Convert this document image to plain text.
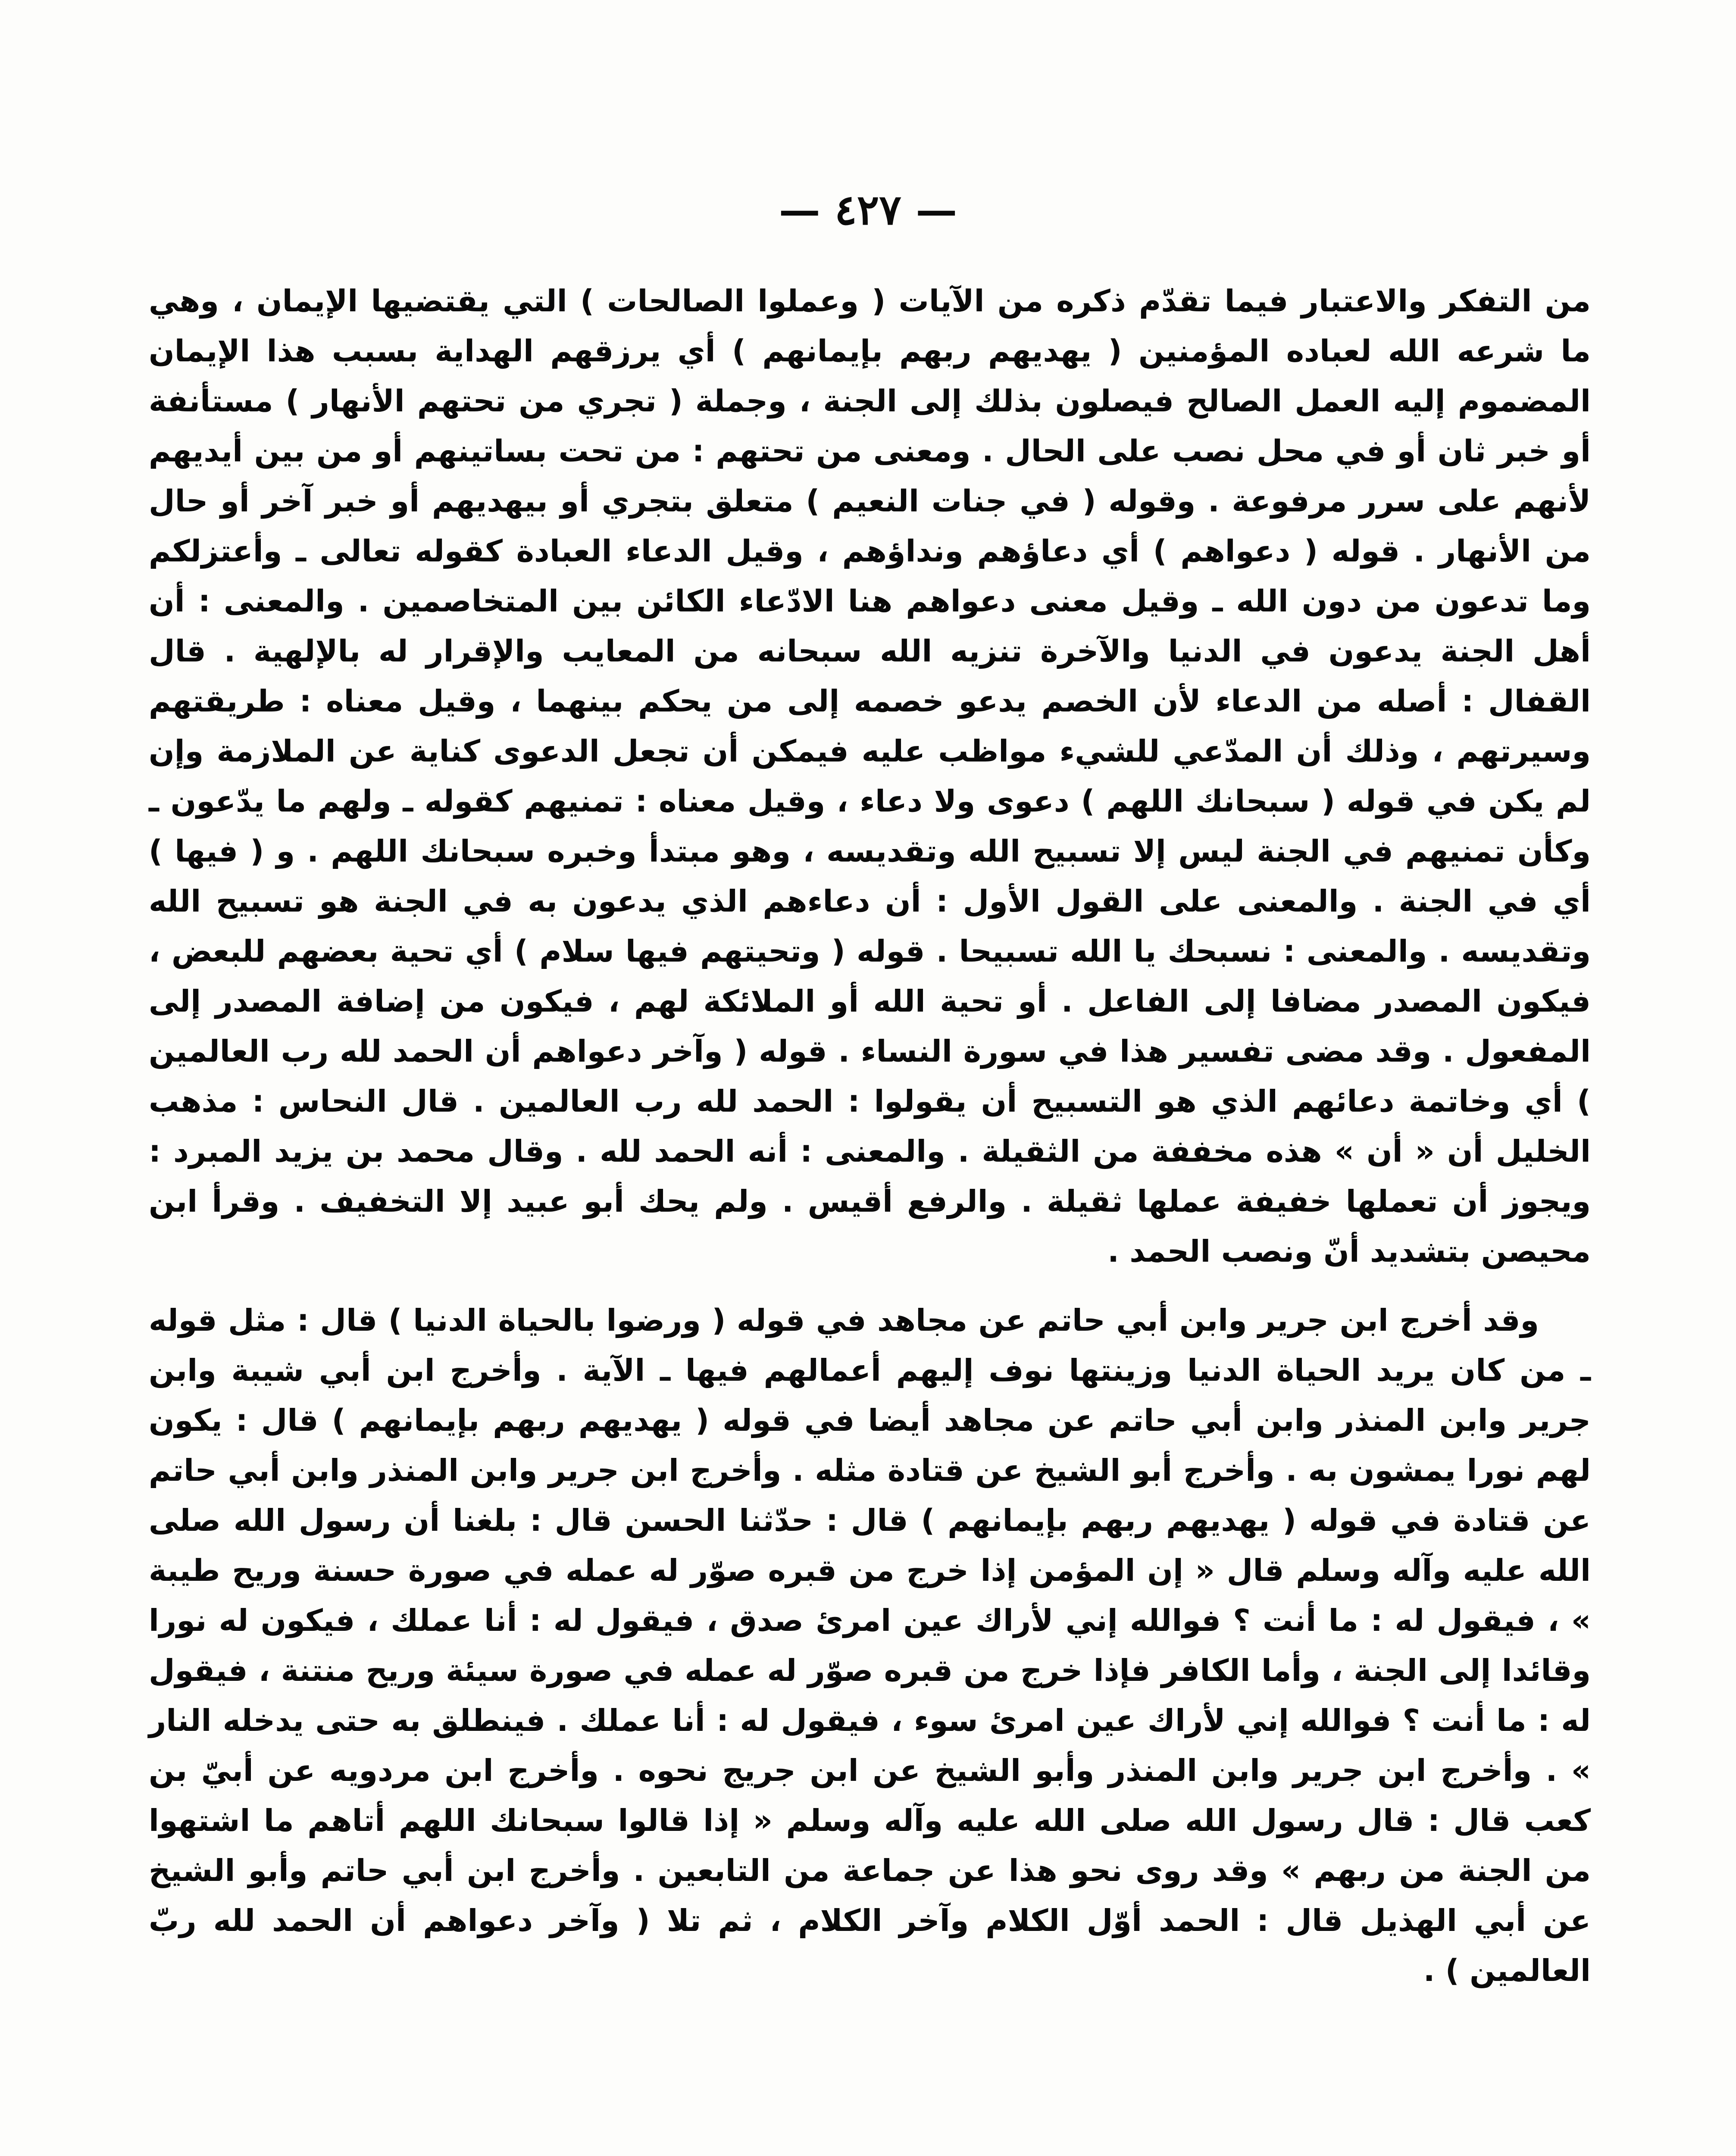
— ٤٢٧ —

من التفكر والاعتبار فيما تقدّم ذكره من الآيات ( وعملوا الصالحات ) التي يقتضيها الإيمان ، وهي ما شرعه الله لعباده المؤمنين ( يهديهم ربهم بإيمانهم ) أي يرزقهم الهداية بسبب هذا الإيمان المضموم إليه العمل الصالح فيصلون بذلك إلى الجنة ، وجملة ( تجري من تحتهم الأنهار ) مستأنفة أو خبر ثان أو في محل نصب على الحال . ومعنى من تحتهم : من تحت بساتينهم أو من بين أيديهم لأنهم على سرر مرفوعة . وقوله ( في جنات النعيم ) متعلق بتجري أو بيهديهم أو خبر آخر أو حال من الأنهار . قوله ( دعواهم ) أي دعاؤهم ونداؤهم ، وقيل الدعاء العبادة كقوله تعالى ـ وأعتزلكم وما تدعون من دون الله ـ وقيل معنى دعواهم هنا الادّعاء الكائن بين المتخاصمين . والمعنى : أن أهل الجنة يدعون في الدنيا والآخرة تنزيه الله سبحانه من المعايب والإقرار له بالإلهية . قال القفال : أصله من الدعاء لأن الخصم يدعو خصمه إلى من يحكم بينهما ، وقيل معناه : طريقتهم وسيرتهم ، وذلك أن المدّعي للشيء مواظب عليه فيمكن أن تجعل الدعوى كناية عن الملازمة وإن لم يكن في قوله ( سبحانك اللهم ) دعوى ولا دعاء ، وقيل معناه : تمنيهم كقوله ـ ولهم ما يدّعون ـ وكأن تمنيهم في الجنة ليس إلا تسبيح الله وتقديسه ، وهو مبتدأ وخبره سبحانك اللهم . و ( فيها ) أي في الجنة . والمعنى على القول الأول : أن دعاءهم الذي يدعون به في الجنة هو تسبيح الله وتقديسه . والمعنى : نسبحك يا الله تسبيحا . قوله ( وتحيتهم فيها سلام ) أي تحية بعضهم للبعض ، فيكون المصدر مضافا إلى الفاعل . أو تحية الله أو الملائكة لهم ، فيكون من إضافة المصدر إلى المفعول . وقد مضى تفسير هذا في سورة النساء . قوله ( وآخر دعواهم أن الحمد لله رب العالمين ) أي وخاتمة دعائهم الذي هو التسبيح أن يقولوا : الحمد لله رب العالمين . قال النحاس : مذهب الخليل أن « أن » هذه مخففة من الثقيلة . والمعنى : أنه الحمد لله . وقال محمد بن يزيد المبرد : ويجوز أن تعملها خفيفة عملها ثقيلة . والرفع أقيس . ولم يحك أبو عبيد إلا التخفيف . وقرأ ابن محيصن بتشديد أنّ ونصب الحمد .

وقد أخرج ابن جرير وابن أبي حاتم عن مجاهد في قوله ( ورضوا بالحياة الدنيا ) قال : مثل قوله ـ من كان يريد الحياة الدنيا وزينتها نوف إليهم أعمالهم فيها ـ الآية . وأخرج ابن أبي شيبة وابن جرير وابن المنذر وابن أبي حاتم عن مجاهد أيضا في قوله ( يهديهم ربهم بإيمانهم ) قال : يكون لهم نورا يمشون به . وأخرج أبو الشيخ عن قتادة مثله . وأخرج ابن جرير وابن المنذر وابن أبي حاتم عن قتادة في قوله ( يهديهم ربهم بإيمانهم ) قال : حدّثنا الحسن قال : بلغنا أن رسول الله صلى الله عليه وآله وسلم قال « إن المؤمن إذا خرج من قبره صوّر له عمله في صورة حسنة وريح طيبة » ، فيقول له : ما أنت ؟ فوالله إني لأراك عين امرئ صدق ، فيقول له : أنا عملك ، فيكون له نورا وقائدا إلى الجنة ، وأما الكافر فإذا خرج من قبره صوّر له عمله في صورة سيئة وريح منتنة ، فيقول له : ما أنت ؟ فوالله إني لأراك عين امرئ سوء ، فيقول له : أنا عملك . فينطلق به حتى يدخله النار » . وأخرج ابن جرير وابن المنذر وأبو الشيخ عن ابن جريج نحوه . وأخرج ابن مردويه عن أبيّ بن كعب قال : قال رسول الله صلى الله عليه وآله وسلم « إذا قالوا سبحانك اللهم أتاهم ما اشتهوا من الجنة من ربهم » وقد روى نحو هذا عن جماعة من التابعين . وأخرج ابن أبي حاتم وأبو الشيخ عن أبي الهذيل قال : الحمد أوّل الكلام وآخر الكلام ، ثم تلا ( وآخر دعواهم أن الحمد لله ربّ العالمين ) .
